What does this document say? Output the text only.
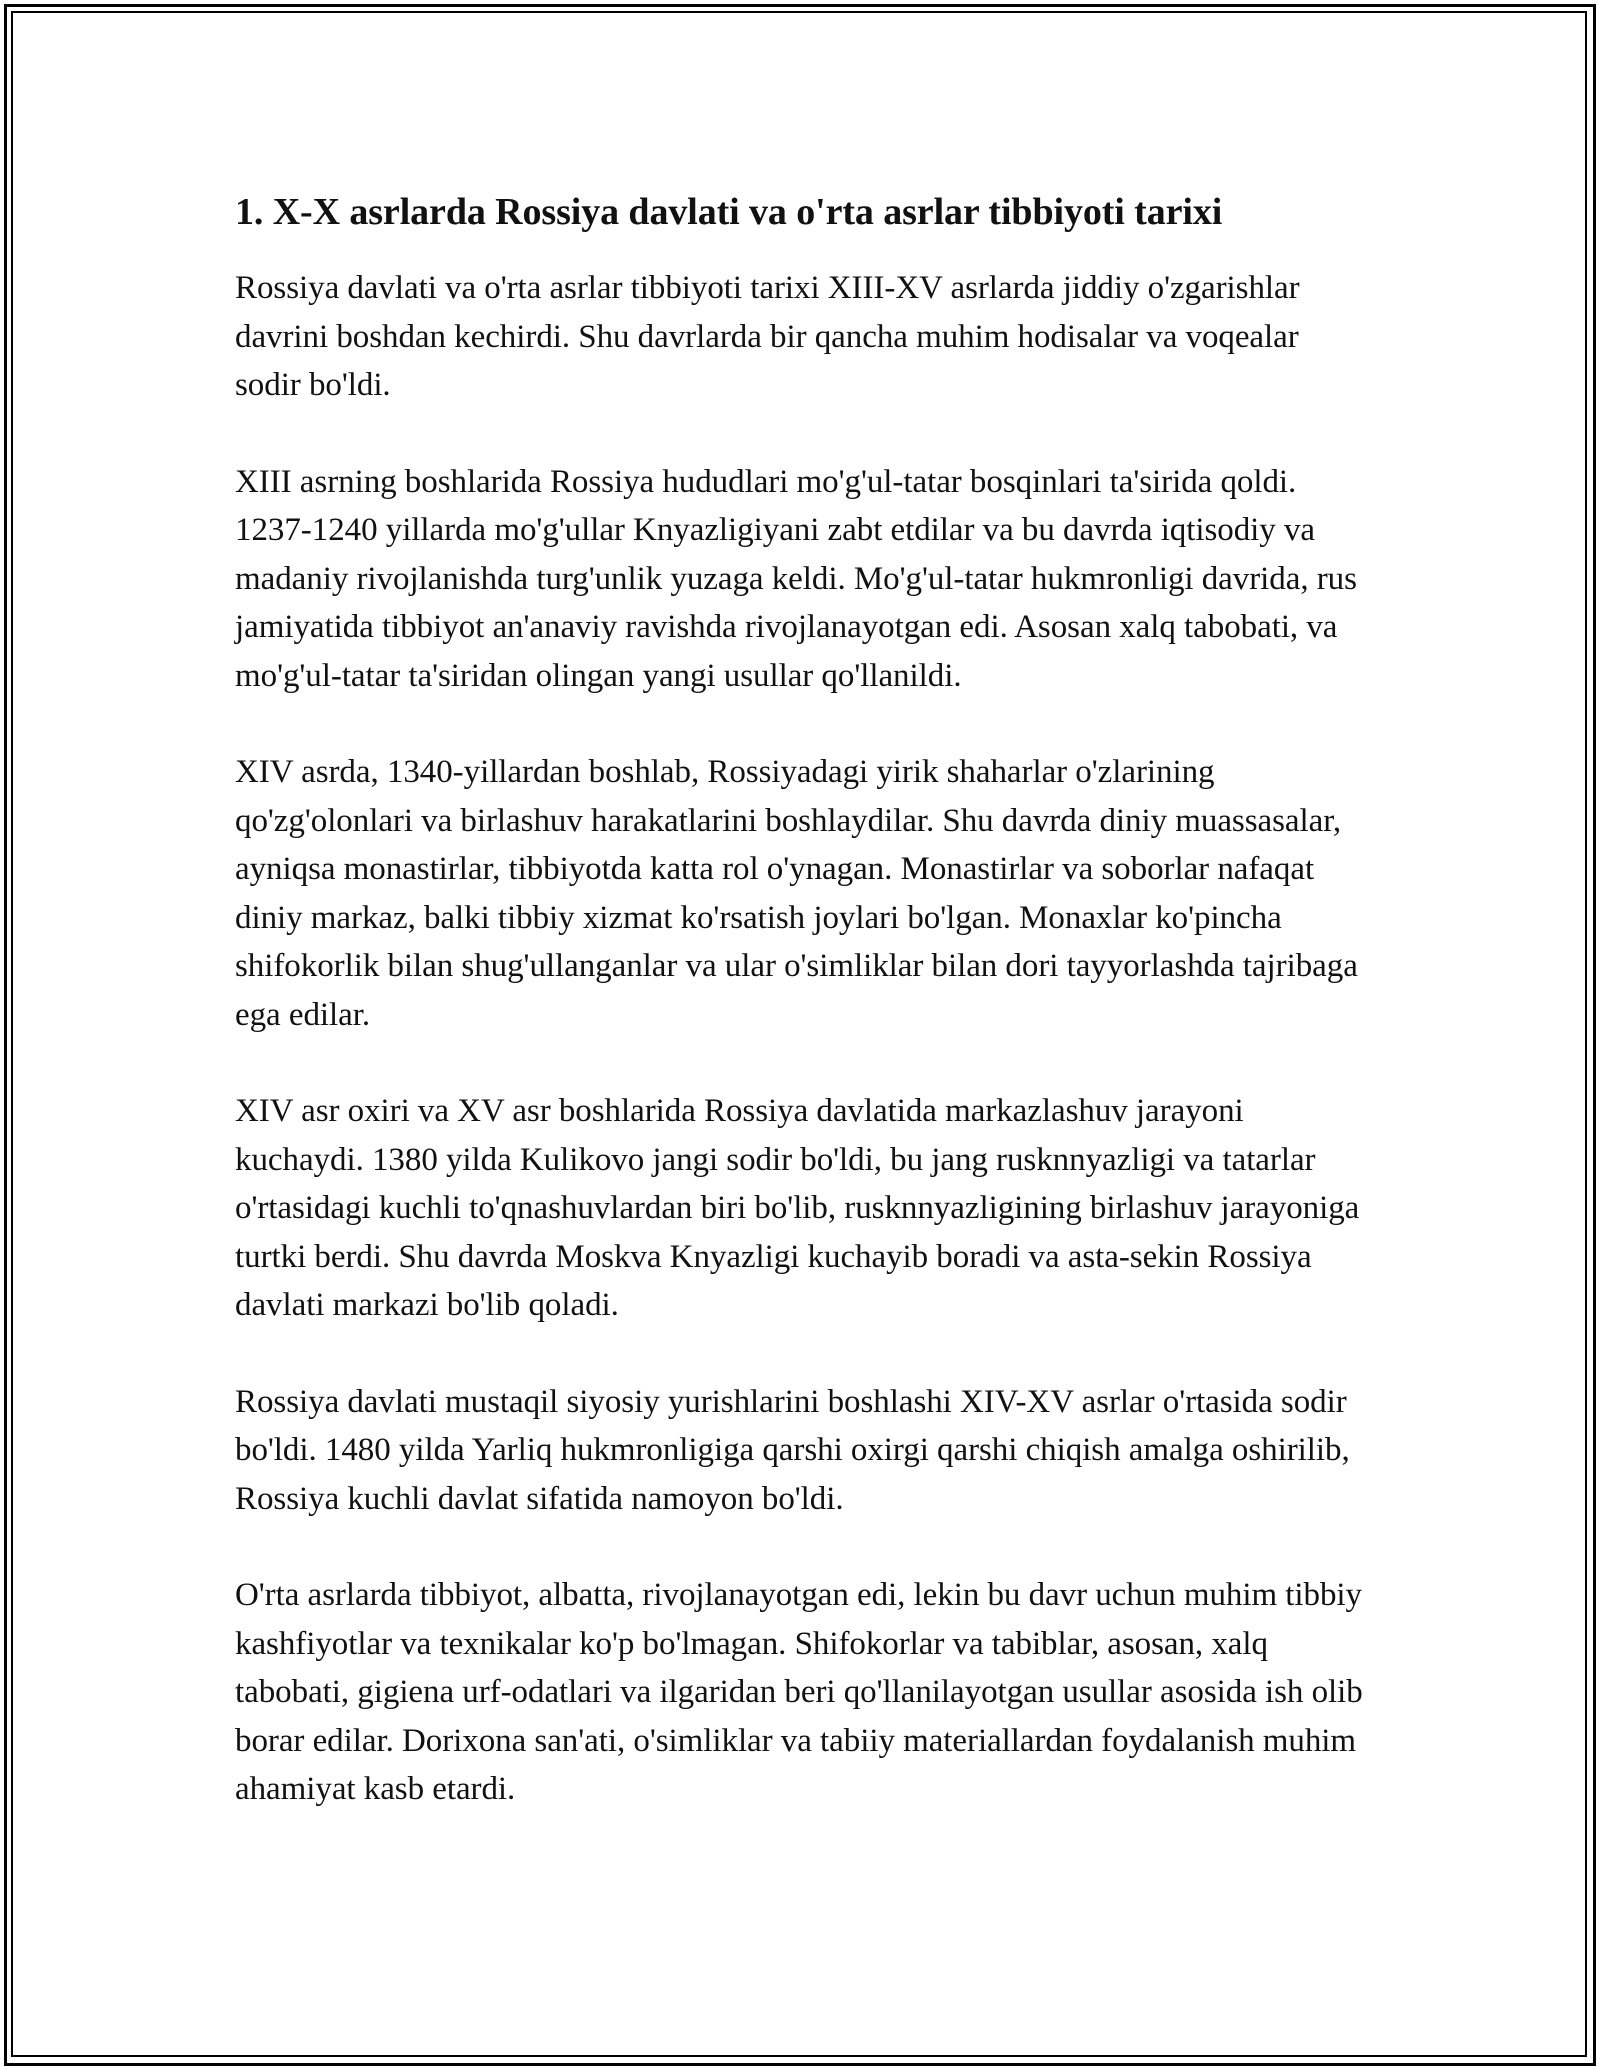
1. X-X asrlarda Rossiya davlati va o'rta asrlar tibbiyoti tarixi

Rossiya davlati va o'rta asrlar tibbiyoti tarixi XIII-XV asrlarda jiddiy o'zgarishlar davrini boshdan kechirdi. Shu davrlarda bir qancha muhim hodisalar va voqealar sodir bo'ldi.

XIII asrning boshlarida Rossiya hududlari mo'g'ul-tatar bosqinlari ta'sirida qoldi. 1237-1240 yillarda mo'g'ullar Knyazligiyani zabt etdilar va bu davrda iqtisodiy va madaniy rivojlanishda turg'unlik yuzaga keldi. Mo'g'ul-tatar hukmronligi davrida, rus jamiyatida tibbiyot an'anaviy ravishda rivojlanayotgan edi. Asosan xalq tabobati, va mo'g'ul-tatar ta'siridan olingan yangi usullar qo'llanildi.

XIV asrda, 1340-yillardan boshlab, Rossiyadagi yirik shaharlar o'zlarining qo'zg'olonlari va birlashuv harakatlarini boshlaydilar. Shu davrda diniy muassasalar, ayniqsa monastirlar, tibbiyotda katta rol o'ynagan. Monastirlar va soborlar nafaqat diniy markaz, balki tibbiy xizmat ko'rsatish joylari bo'lgan. Monaxlar ko'pincha shifokorlik bilan shug'ullanganlar va ular o'simliklar bilan dori tayyorlashda tajribaga ega edilar.

XIV asr oxiri va XV asr boshlarida Rossiya davlatida markazlashuv jarayoni kuchaydi. 1380 yilda Kulikovo jangi sodir bo'ldi, bu jang rusknnyazligi va tatarlar o'rtasidagi kuchli to'qnashuvlardan biri bo'lib, rusknnyazligining birlashuv jarayoniga turtki berdi. Shu davrda Moskva Knyazligi kuchayib boradi va asta-sekin Rossiya davlati markazi bo'lib qoladi.

Rossiya davlati mustaqil siyosiy yurishlarini boshlashi XIV-XV asrlar o'rtasida sodir bo'ldi. 1480 yilda Yarliq hukmronligiga qarshi oxirgi qarshi chiqish amalga oshirilib, Rossiya kuchli davlat sifatida namoyon bo'ldi.

O'rta asrlarda tibbiyot, albatta, rivojlanayotgan edi, lekin bu davr uchun muhim tibbiy kashfiyotlar va texnikalar ko'p bo'lmagan. Shifokorlar va tabiblar, asosan, xalq tabobati, gigiena urf-odatlari va ilgaridan beri qo'llanilayotgan usullar asosida ish olib borar edilar. Dorixona san'ati, o'simliklar va tabiiy materiallardan foydalanish muhim ahamiyat kasb etardi.
